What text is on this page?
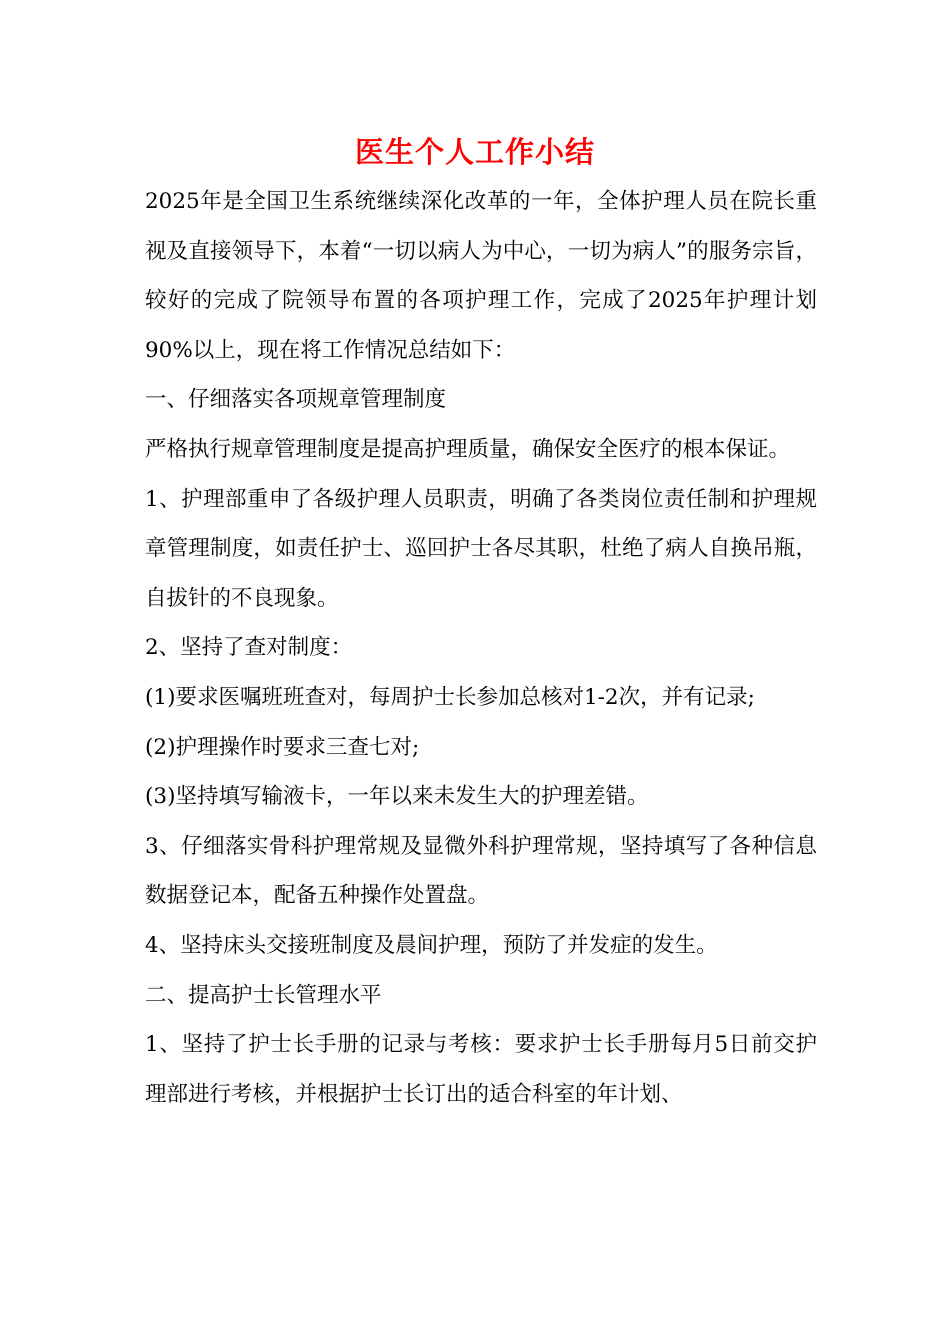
医生个人工作小结

2025年是全国卫生系统继续深化改革的一年，全体护理人员在院长重视及直接领导下，本着“一切以病人为中心，一切为病人”的服务宗旨，较好的完成了院领导布置的各项护理工作，完成了2025年护理计划90%以上，现在将工作情况总结如下：

一、仔细落实各项规章管理制度

严格执行规章管理制度是提高护理质量，确保安全医疗的根本保证。

1、护理部重申了各级护理人员职责，明确了各类岗位责任制和护理规章管理制度，如责任护士、巡回护士各尽其职，杜绝了病人自换吊瓶，自拔针的不良现象。

2、坚持了查对制度：

(1)要求医嘱班班查对，每周护士长参加总核对1-2次，并有记录;

(2)护理操作时要求三查七对;

(3)坚持填写输液卡，一年以来未发生大的护理差错。

3、仔细落实骨科护理常规及显微外科护理常规，坚持填写了各种信息数据登记本，配备五种操作处置盘。

4、坚持床头交接班制度及晨间护理，预防了并发症的发生。

二、提高护士长管理水平

1、坚持了护士长手册的记录与考核：要求护士长手册每月5日前交护理部进行考核，并根据护士长订出的适合科室的年计划、
